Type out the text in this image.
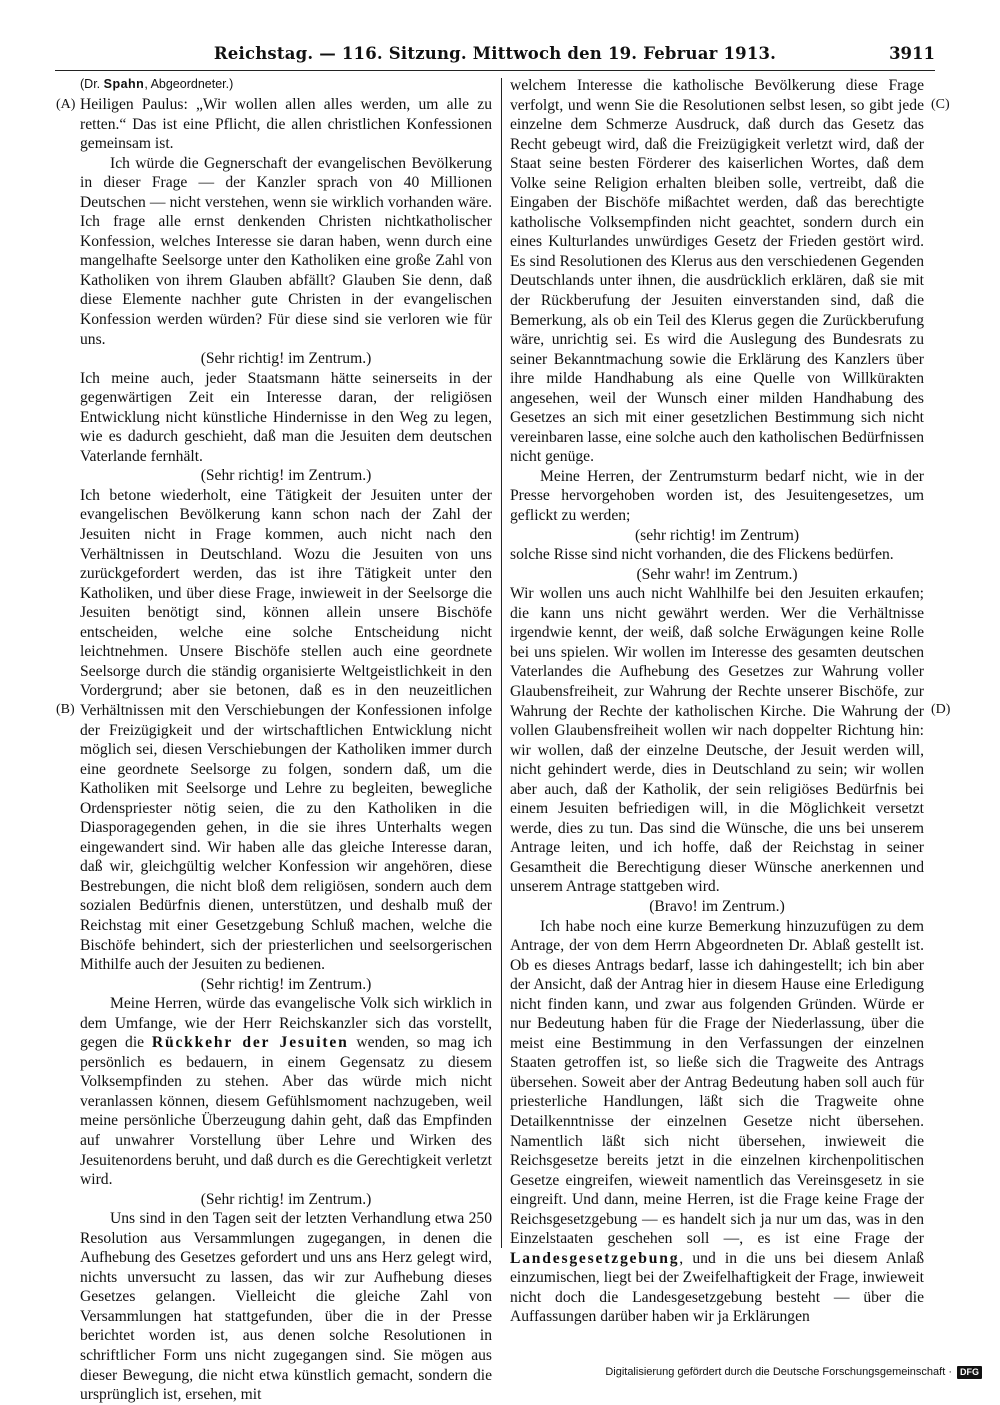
Reichstag. — 116. Sitzung. Mittwoch den 19. Februar 1913.	3911
(A)
(B)
(C)
(D)
(Dr. Spahn, Abgeordneter.)

Heiligen Paulus: „Wir wollen allen alles werden, um alle zu retten.“ Das ist eine Pflicht, die allen christlichen Konfessionen gemeinsam ist.

Ich würde die Gegnerschaft der evangelischen Bevölkerung in dieser Frage — der Kanzler sprach von 40 Millionen Deutschen — nicht verstehen, wenn sie wirklich vorhanden wäre. Ich frage alle ernst denkenden Christen nichtkatholischer Konfession, welches Interesse sie daran haben, wenn durch eine mangelhafte Seelsorge unter den Katholiken eine große Zahl von Katholiken von ihrem Glauben abfällt? Glauben Sie denn, daß diese Elemente nachher gute Christen in der evangelischen Konfession werden würden? Für diese sind sie verloren wie für uns.

(Sehr richtig! im Zentrum.)

Ich meine auch, jeder Staatsmann hätte seinerseits in der gegenwärtigen Zeit ein Interesse daran, der religiösen Entwicklung nicht künstliche Hindernisse in den Weg zu legen, wie es dadurch geschieht, daß man die Jesuiten dem deutschen Vaterlande fernhält.

(Sehr richtig! im Zentrum.)

Ich betone wiederholt, eine Tätigkeit der Jesuiten unter der evangelischen Bevölkerung kann schon nach der Zahl der Jesuiten nicht in Frage kommen, auch nicht nach den Verhältnissen in Deutschland. Wozu die Jesuiten von uns zurückgefordert werden, das ist ihre Tätigkeit unter den Katholiken, und über diese Frage, inwieweit in der Seelsorge die Jesuiten benötigt sind, können allein unsere Bischöfe entscheiden, welche eine solche Entscheidung nicht leichtnehmen. Unsere Bischöfe stellen auch eine geordnete Seelsorge durch die ständig organisierte Weltgeistlichkeit in den Vordergrund; aber sie betonen, daß es in den neuzeitlichen Verhältnissen mit den Verschiebungen der Konfessionen infolge der Freizügigkeit und der wirtschaftlichen Entwicklung nicht möglich sei, diesen Verschiebungen der Katholiken immer durch eine geordnete Seelsorge zu folgen, sondern daß, um die Katholiken mit Seelsorge und Lehre zu begleiten, bewegliche Ordenspriester nötig seien, die zu den Katholiken in die Diasporagegenden gehen, in die sie ihres Unterhalts wegen eingewandert sind. Wir haben alle das gleiche Interesse daran, daß wir, gleichgültig welcher Konfession wir angehören, diese Bestrebungen, die nicht bloß dem religiösen, sondern auch dem sozialen Bedürfnis dienen, unterstützen, und deshalb muß der Reichstag mit einer Gesetzgebung Schluß machen, welche die Bischöfe behindert, sich der priesterlichen und seelsorgerischen Mithilfe auch der Jesuiten zu bedienen.

(Sehr richtig! im Zentrum.)

Meine Herren, würde das evangelische Volk sich wirklich in dem Umfange, wie der Herr Reichskanzler sich das vorstellt, gegen die Rückkehr der Jesuiten wenden, so mag ich persönlich es bedauern, in einem Gegensatz zu diesem Volksempfinden zu stehen. Aber das würde mich nicht veranlassen können, diesem Gefühlsmoment nachzugeben, weil meine persönliche Überzeugung dahin geht, daß das Empfinden auf unwahrer Vorstellung über Lehre und Wirken des Jesuitenordens beruht, und daß durch es die Gerechtigkeit verletzt wird.

(Sehr richtig! im Zentrum.)

Uns sind in den Tagen seit der letzten Verhandlung etwa 250 Resolution aus Versammlungen zugegangen, in denen die Aufhebung des Gesetzes gefordert und uns ans Herz gelegt wird, nichts unversucht zu lassen, das wir zur Aufhebung dieses Gesetzes gelangen. Vielleicht die gleiche Zahl von Versammlungen hat stattgefunden, über die in der Presse berichtet worden ist, aus denen solche Resolutionen in schriftlicher Form uns nicht zugegangen sind. Sie mögen aus dieser Bewegung, die nicht etwa künstlich gemacht, sondern die ursprünglich ist, ersehen, mit

welchem Interesse die katholische Bevölkerung diese Frage verfolgt, und wenn Sie die Resolutionen selbst lesen, so gibt jede einzelne dem Schmerze Ausdruck, daß durch das Gesetz das Recht gebeugt wird, daß die Freizügigkeit verletzt wird, daß der Staat seine besten Förderer des kaiserlichen Wortes, daß dem Volke seine Religion erhalten bleiben solle, vertreibt, daß die Eingaben der Bischöfe mißachtet werden, daß das berechtigte katholische Volksempfinden nicht geachtet, sondern durch ein eines Kulturlandes unwürdiges Gesetz der Frieden gestört wird. Es sind Resolutionen des Klerus aus den verschiedenen Gegenden Deutschlands unter ihnen, die ausdrücklich erklären, daß sie mit der Rückberufung der Jesuiten einverstanden sind, daß die Bemerkung, als ob ein Teil des Klerus gegen die Zurückberufung wäre, unrichtig sei. Es wird die Auslegung des Bundesrats zu seiner Bekanntmachung sowie die Erklärung des Kanzlers über ihre milde Handhabung als eine Quelle von Willkürakten angesehen, weil der Wunsch einer milden Handhabung des Gesetzes an sich mit einer gesetzlichen Bestimmung sich nicht vereinbaren lasse, eine solche auch den katholischen Bedürfnissen nicht genüge.

Meine Herren, der Zentrumsturm bedarf nicht, wie in der Presse hervorgehoben worden ist, des Jesuitengesetzes, um geflickt zu werden;

(sehr richtig! im Zentrum)

solche Risse sind nicht vorhanden, die des Flickens bedürfen.

(Sehr wahr! im Zentrum.)

Wir wollen uns auch nicht Wahlhilfe bei den Jesuiten erkaufen; die kann uns nicht gewährt werden. Wer die Verhältnisse irgendwie kennt, der weiß, daß solche Erwägungen keine Rolle bei uns spielen. Wir wollen im Interesse des gesamten deutschen Vaterlandes die Aufhebung des Gesetzes zur Wahrung voller Glaubensfreiheit, zur Wahrung der Rechte unserer Bischöfe, zur Wahrung der Rechte der katholischen Kirche. Die Wahrung der vollen Glaubensfreiheit wollen wir nach doppelter Richtung hin: wir wollen, daß der einzelne Deutsche, der Jesuit werden will, nicht gehindert werde, dies in Deutschland zu sein; wir wollen aber auch, daß der Katholik, der sein religiöses Bedürfnis bei einem Jesuiten befriedigen will, in die Möglichkeit versetzt werde, dies zu tun. Das sind die Wünsche, die uns bei unserem Antrage leiten, und ich hoffe, daß der Reichstag in seiner Gesamtheit die Berechtigung dieser Wünsche anerkennen und unserem Antrage stattgeben wird.

(Bravo! im Zentrum.)

Ich habe noch eine kurze Bemerkung hinzuzufügen zu dem Antrage, der von dem Herrn Abgeordneten Dr. Ablaß gestellt ist. Ob es dieses Antrags bedarf, lasse ich dahingestellt; ich bin aber der Ansicht, daß der Antrag hier in diesem Hause eine Erledigung nicht finden kann, und zwar aus folgenden Gründen. Würde er nur Bedeutung haben für die Frage der Niederlassung, über die meist eine Bestimmung in den Verfassungen der einzelnen Staaten getroffen ist, so ließe sich die Tragweite des Antrags übersehen. Soweit aber der Antrag Bedeutung haben soll auch für priesterliche Handlungen, läßt sich die Tragweite ohne Detailkenntnisse der einzelnen Gesetze nicht übersehen. Namentlich läßt sich nicht übersehen, inwieweit die Reichsgesetze bereits jetzt in die einzelnen kirchenpolitischen Gesetze eingreifen, wieweit namentlich das Vereinsgesetz in sie eingreift. Und dann, meine Herren, ist die Frage keine Frage der Reichsgesetzgebung — es handelt sich ja nur um das, was in den Einzelstaaten geschehen soll —, es ist eine Frage der Landesgesetzgebung, und in die uns bei diesem Anlaß einzumischen, liegt bei der Zweifelhaftigkeit der Frage, inwieweit nicht doch die Landesgesetzgebung besteht — über die Auffassungen darüber haben wir ja Erklärungen

Digitalisierung gefördert durch die Deutsche Forschungsgemeinschaft · DFG
